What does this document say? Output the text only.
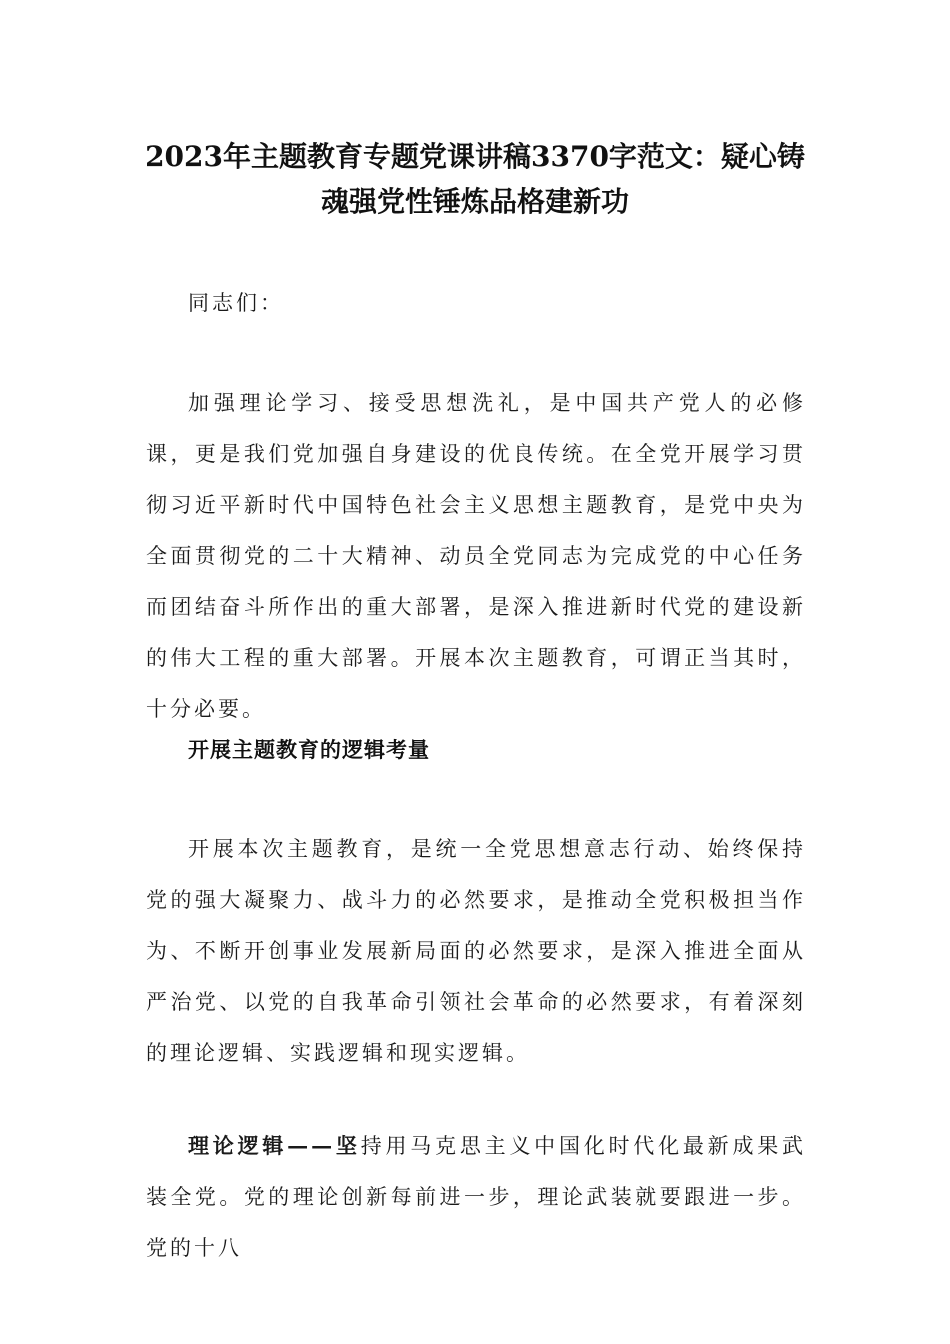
2023年主题教育专题党课讲稿3370字范文：疑心铸
魂强党性锤炼品格建新功

同志们：

加强理论学习、接受思想洗礼，是中国共产党人的必修课，更是我们党加强自身建设的优良传统。在全党开展学习贯彻习近平新时代中国特色社会主义思想主题教育，是党中央为全面贯彻党的二十大精神、动员全党同志为完成党的中心任务而团结奋斗所作出的重大部署，是深入推进新时代党的建设新的伟大工程的重大部署。开展本次主题教育，可谓正当其时，十分必要。

开展主题教育的逻辑考量

开展本次主题教育，是统一全党思想意志行动、始终保持党的强大凝聚力、战斗力的必然要求，是推动全党积极担当作为、不断开创事业发展新局面的必然要求，是深入推进全面从严治党、以党的自我革命引领社会革命的必然要求，有着深刻的理论逻辑、实践逻辑和现实逻辑。

理论逻辑——坚持用马克思主义中国化时代化最新成果武装全党。党的理论创新每前进一步，理论武装就要跟进一步。党的十八
